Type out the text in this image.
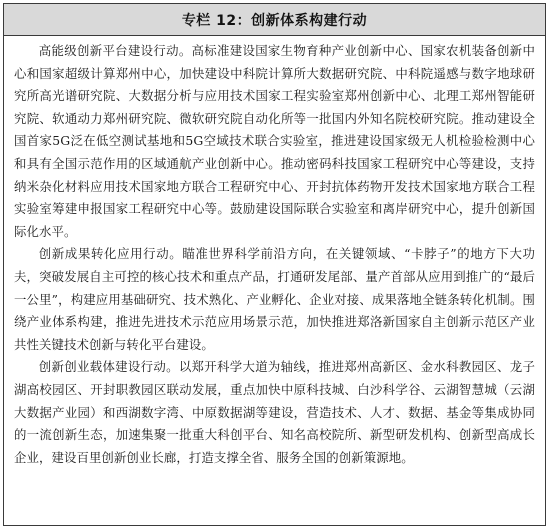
专栏 12：创新体系构建行动

高能级创新平台建设行动。高标准建设国家生物育种产业创新中心、国家农机装备创新中心和国家超级计算郑州中心，加快建设中科院计算所大数据研究院、中科院遥感与数字地球研究所高光谱研究院、大数据分析与应用技术国家工程实验室郑州创新中心、北理工郑州智能研究院、软通动力郑州研究院、微软研究院自动化所等一批国内外知名院校研究院。推动建设全国首家5G泛在低空测试基地和5G空域技术联合实验室，推进建设国家级无人机检验检测中心和具有全国示范作用的区域通航产业创新中心。推动密码科技国家工程研究中心等建设，支持纳米杂化材料应用技术国家地方联合工程研究中心、开封抗体药物开发技术国家地方联合工程实验室筹建申报国家工程研究中心等。鼓励建设国际联合实验室和离岸研究中心，提升创新国际化水平。

创新成果转化应用行动。瞄准世界科学前沿方向，在关键领域、“卡脖子”的地方下大功夫，突破发展自主可控的核心技术和重点产品，打通研发尾部、量产首部从应用到推广的“最后一公里”，构建应用基础研究、技术熟化、产业孵化、企业对接、成果落地全链条转化机制。围绕产业体系构建，推进先进技术示范应用场景示范，加快推进郑洛新国家自主创新示范区产业共性关键技术创新与转化平台建设。

创新创业载体建设行动。以郑开科学大道为轴线，推进郑州高新区、金水科教园区、龙子湖高校园区、开封职教园区联动发展，重点加快中原科技城、白沙科学谷、云湖智慧城（云湖大数据产业园）和西湖数字湾、中原数据湖等建设，营造技术、人才、数据、基金等集成协同的一流创新生态，加速集聚一批重大科创平台、知名高校院所、新型研发机构、创新型高成长企业，建设百里创新创业长廊，打造支撑全省、服务全国的创新策源地。
